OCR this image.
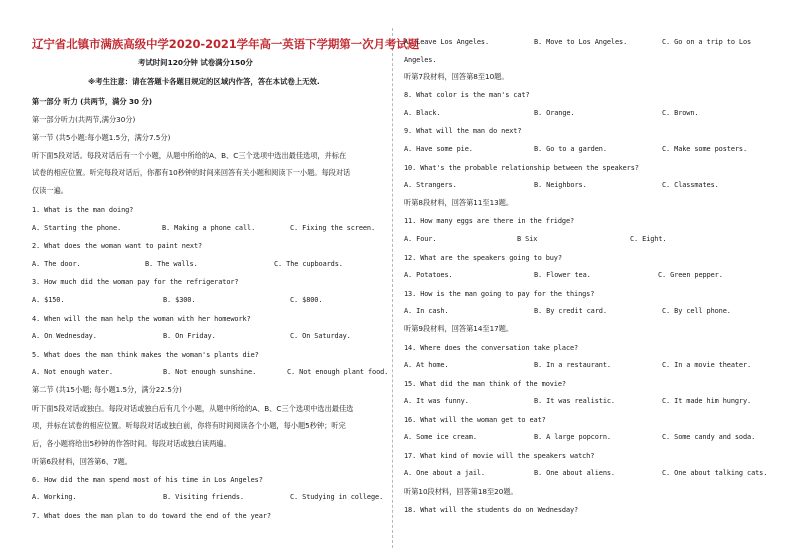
辽宁省北镇市满族高级中学2020-2021学年高一英语下学期第一次月考试题
考试时间120分钟 试卷满分150分
※考生注意：请在答题卡各题目规定的区域内作答，答在本试卷上无效.
第一部分 听力 (共两节，满分 30 分)
第一部分听力(共两节,满分30分)
第一节 (共5小题:每小题1.5分，满分7.5分)
听下面5段对话。每段对话后有一个小题，从题中所给的A、B、C三个选项中选出最佳选项，并标在
试卷的相应位置。听完每段对话后，你都有10秒钟的时间来回答有关小题和阅读下一小题。每段对话
仅读一遍。
1. What is the man doing?
A. Starting the phone.	B. Making a phone call.	C. Fixing the screen.
2. What does the woman want to paint next?
A. The door.	B. The walls.	C. The cupboards.
3. How much did the woman pay for the refrigerator?
A. $150.	B. $300.	C. $800.
4. When will the man help the woman with her homework?
A. On Wednesday.	B. On Friday.	C. On Saturday.
5. What does the man think makes the woman's plants die?
A. Not enough water.	B. Not enough sunshine.	C. Not enough plant food.
第二节 (共15小题; 每小题1.5分，满分22.5分)
听下面5段对话或独白。每段对话或独白后有几个小题，从题中所给的A、B、C三个选项中选出最佳选
项，并标在试卷的相应位置。听每段对话或独白前，你将有时间阅读各个小题，每小题5秒钟；听完
后，各小题将给出5秒钟的作答时间。每段对话或独白读两遍。
听第6段材料，回答第6、7题。
6. How did the man spend most of his time in Los Angeles?
A. Working.	B. Visiting friends.	C. Studying in college.
7. What does the man plan to do toward the end of the year?
A. Leave Los Angeles.	B. Move to Los Angeles.	C. Go on a trip to Los
Angeles.
听第7段材料，回答第8至10题。
8. What color is the man's cat?
A. Black.	B. Orange.	C. Brown.
9. What will the man do next?
A. Have some pie.	B. Go to a garden.	C. Make some posters.
10. What's the probable relationship between the speakers?
A. Strangers.	B. Neighbors.	C. Classmates.
听第8段材料，回答第11至13题。
11. How many eggs are there in the fridge?
A. Four.	B Six	C. Eight.
12. What are the speakers going to buy?
A. Potatoes.	B. Flower tea.	C. Green pepper.
13. How is the man going to pay for the things?
A. In cash.	B. By credit card.	C. By cell phone.
听第9段材料，回答第14至17题。
14. Where does the conversation take place?
A. At home.	B. In a restaurant.	C. In a movie theater.
15. What did the man think of the movie?
A. It was funny.	B. It was realistic.	C. It made him hungry.
16. What will the woman get to eat?
A. Some ice cream.	B. A large popcorn.	C. Some candy and soda.
17. What kind of movie will the speakers watch?
A. One about a jail.	B. One about aliens.	C. One about talking cats.
听第10段材料，回答第18至20题。
18. What will the students do on Wednesday?
